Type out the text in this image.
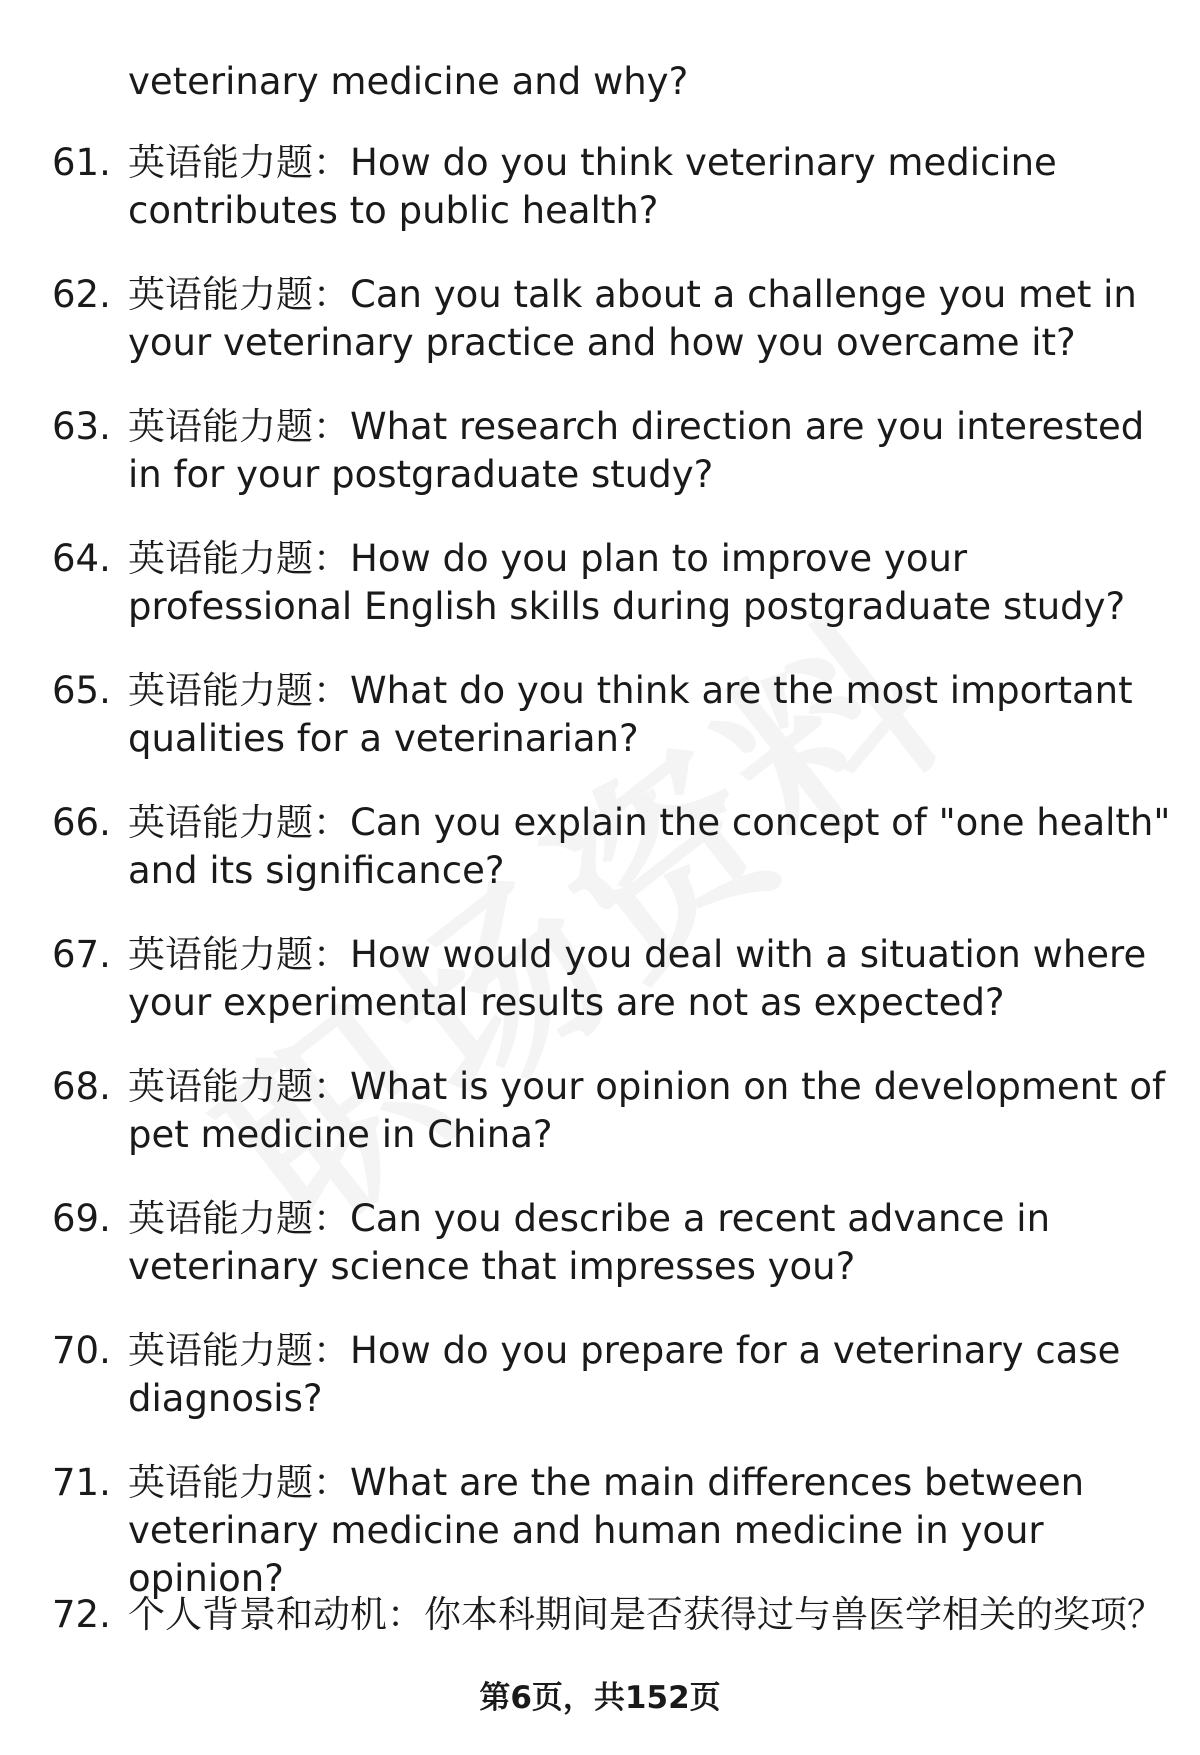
veterinary medicine and why?
61. 英语能力题：How do you think veterinary medicine contributes to public health?
62. 英语能力题：Can you talk about a challenge you met in your veterinary practice and how you overcame it?
63. 英语能力题：What research direction are you interested in for your postgraduate study?
64. 英语能力题：How do you plan to improve your professional English skills during postgraduate study?
65. 英语能力题：What do you think are the most important qualities for a veterinarian?
66. 英语能力题：Can you explain the concept of "one health" and its significance?
67. 英语能力题：How would you deal with a situation where your experimental results are not as expected?
68. 英语能力题：What is your opinion on the development of pet medicine in China?
69. 英语能力题：Can you describe a recent advance in veterinary science that impresses you?
70. 英语能力题：How do you prepare for a veterinary case diagnosis?
71. 英语能力题：What are the main differences between veterinary medicine and human medicine in your opinion?
72. 个人背景和动机：你本科期间是否获得过与兽医学相关的奖项？
第6页，共152页
